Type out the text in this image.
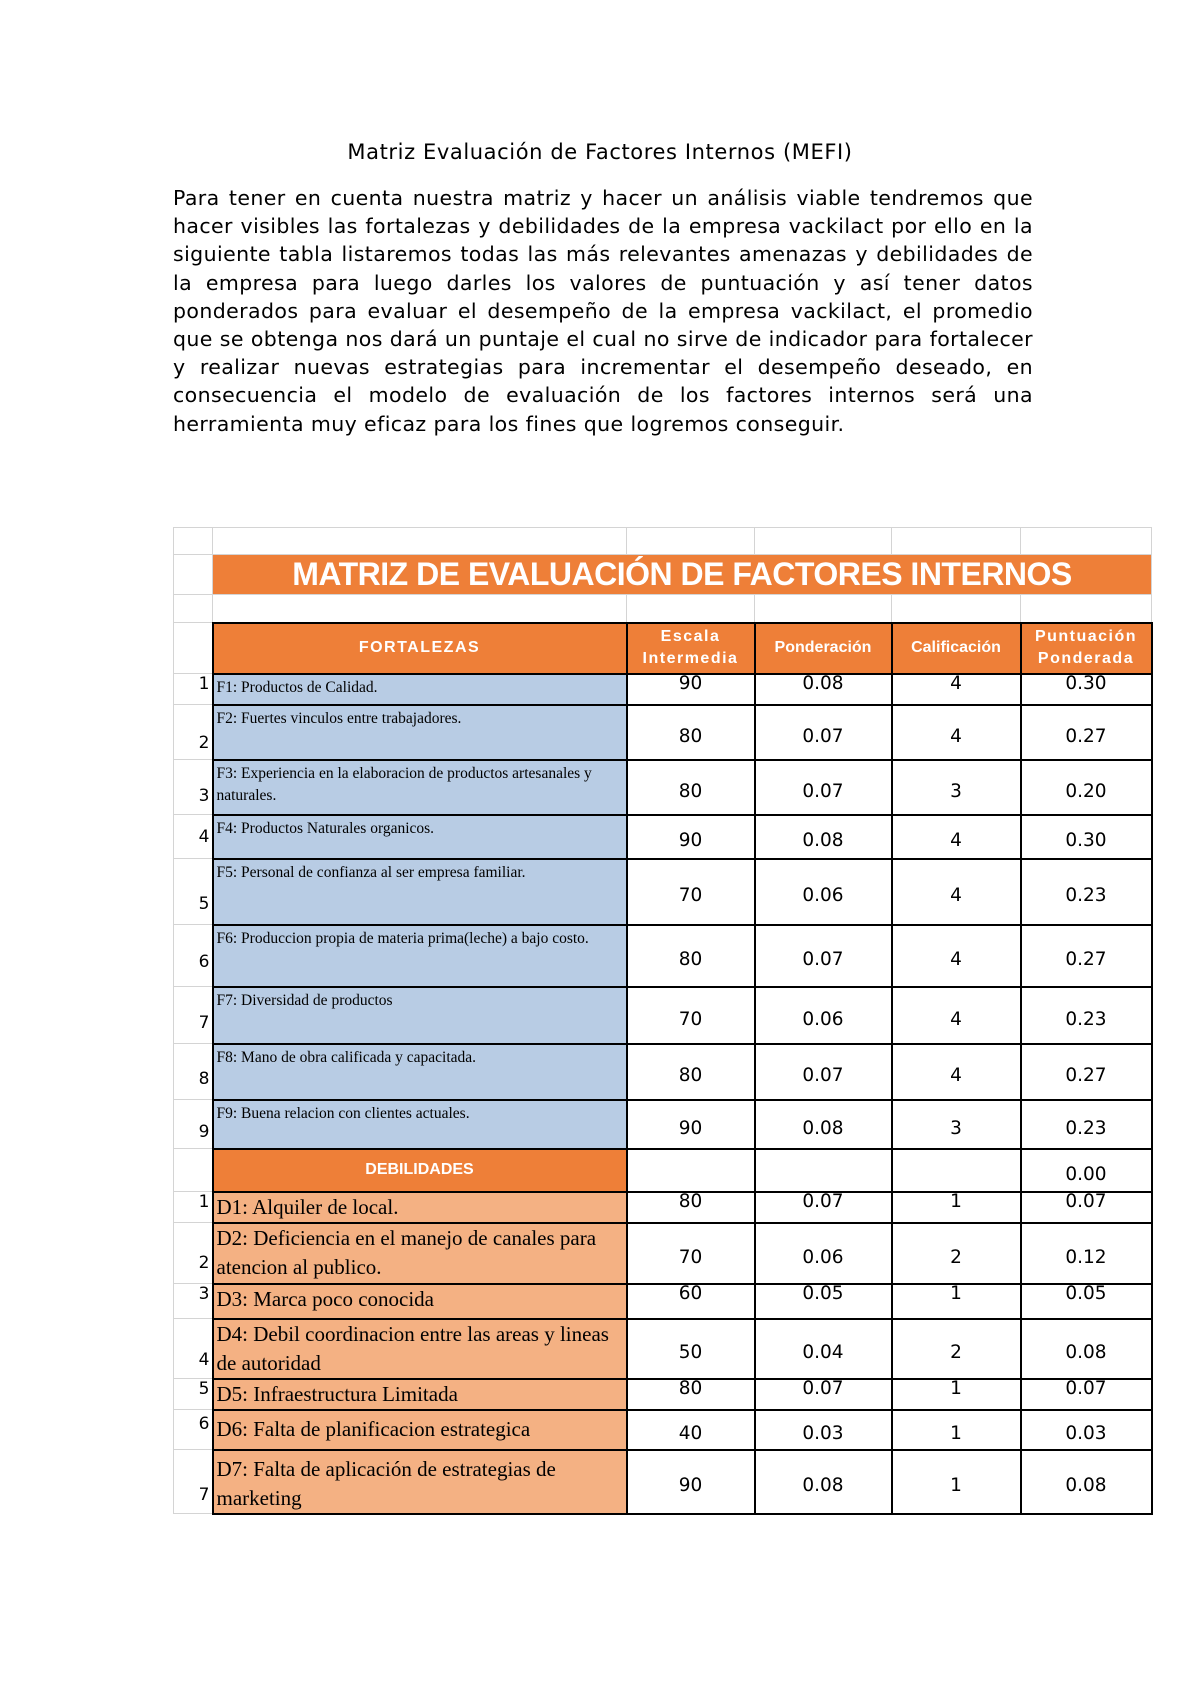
Matriz Evaluación de Factores Internos (MEFI)

Para tener en cuenta nuestra matriz y hacer un análisis viable tendremos que hacer visibles las fortalezas y debilidades de la empresa vackilact por ello en la siguiente tabla listaremos todas las más relevantes amenazas y debilidades de la empresa para luego darles los valores de puntuación y así tener datos ponderados para evaluar el desempeño de la empresa vackilact, el promedio que se obtenga nos dará un puntaje el cual no sirve de indicador para fortalecer y realizar nuevas estrategias para incrementar el desempeño deseado, en consecuencia el modelo de evaluación de los factores internos será una herramienta muy eficaz para los fines que logremos conseguir.

	MATRIZ DE EVALUACIÓN DE FACTORES INTERNOS				

	FORTALEZAS	Escala Intermedia	Ponderación	Calificación	Puntuación Ponderada
1	F1: Productos de Calidad.	90	0.08	4	0.30
2	F2: Fuertes vinculos entre trabajadores.	80	0.07	4	0.27
3	F3: Experiencia en la elaboracion de productos artesanales y naturales.	80	0.07	3	0.20
4	F4: Productos Naturales organicos.	90	0.08	4	0.30
5	F5: Personal de confianza al ser empresa familiar.	70	0.06	4	0.23
6	F6: Produccion propia de materia prima(leche) a bajo costo.	80	0.07	4	0.27
7	F7: Diversidad de productos	70	0.06	4	0.23
8	F8: Mano de obra calificada y capacitada.	80	0.07	4	0.27
9	F9: Buena relacion con clientes actuales.	90	0.08	3	0.23
	DEBILIDADES				0.00
1	D1: Alquiler de local.	80	0.07	1	0.07
2	D2: Deficiencia en el manejo de canales para atencion al publico.	70	0.06	2	0.12
3	D3: Marca poco conocida	60	0.05	1	0.05
4	D4: Debil coordinacion entre las areas y lineas de autoridad	50	0.04	2	0.08
5	D5: Infraestructura Limitada	80	0.07	1	0.07
6	D6: Falta de planificacion estrategica	40	0.03	1	0.03
7	D7: Falta de aplicación de estrategias de marketing	90	0.08	1	0.08
